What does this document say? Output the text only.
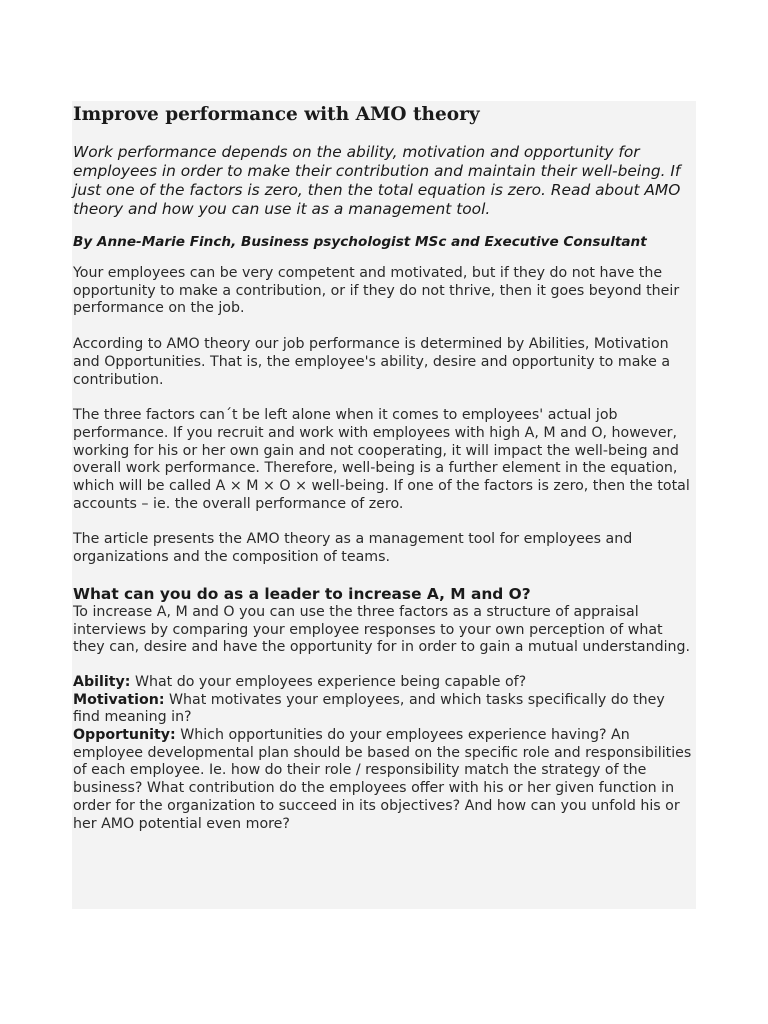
Improve performance with AMO theory

Work performance depends on the ability, motivation and opportunity for employees in order to make their contribution and maintain their well-being. If just one of the factors is zero, then the total equation is zero. Read about AMO theory and how you can use it as a management tool.

By Anne-Marie Finch, Business psychologist MSc and Executive Consultant

Your employees can be very competent and motivated, but if they do not have the opportunity to make a contribution, or if they do not thrive, then it goes beyond their performance on the job.

According to AMO theory our job performance is determined by Abilities, Motivation and Opportunities. That is, the employee's ability, desire and opportunity to make a contribution.

The three factors can´t be left alone when it comes to employees' actual job performance. If you recruit and work with employees with high A, M and O, however, working for his or her own gain and not cooperating, it will impact the well-being and overall work performance. Therefore, well-being is a further element in the equation, which will be called A × M × O × well-being. If one of the factors is zero, then the total accounts – ie. the overall performance of zero.

The article presents the AMO theory as a management tool for employees and organizations and the composition of teams.

What can you do as a leader to increase A, M and O?

To increase A, M and O you can use the three factors as a structure of appraisal interviews by comparing your employee responses to your own perception of what they can, desire and have the opportunity for in order to gain a mutual understanding.

Ability: What do your employees experience being capable of?

Motivation: What motivates your employees, and which tasks specifically do they find meaning in?

Opportunity: Which opportunities do your employees experience having? An employee developmental plan should be based on the specific role and responsibilities of each employee. Ie. how do their role / responsibility match the strategy of the business? What contribution do the employees offer with his or her given function in order for the organization to succeed in its objectives? And how can you unfold his or her AMO potential even more?
